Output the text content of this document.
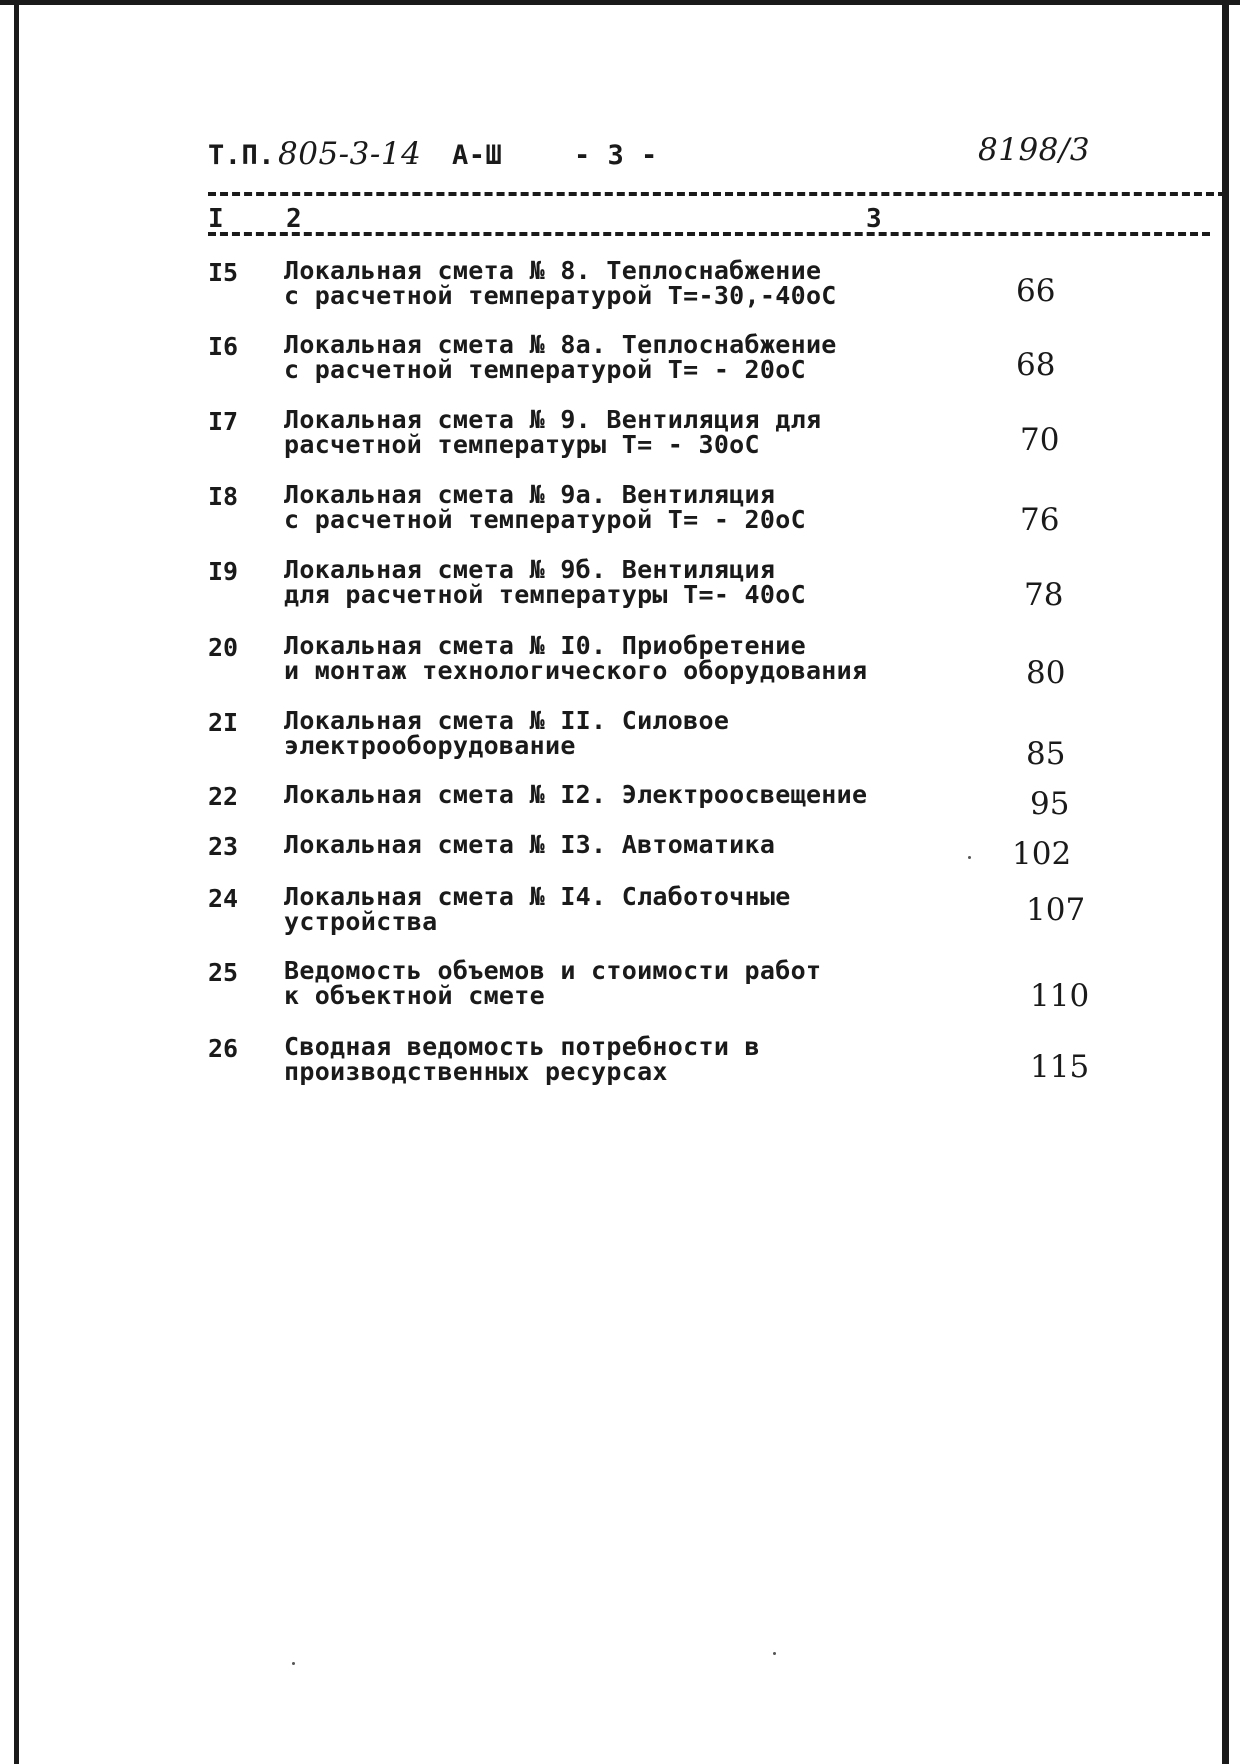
Т.П. 805-3-14 А-Ш	- 3 -	8198/3
I 2	3
I5 Локальная смета № 8. Теплоснабжение
с расчетной температурой Т=-30,-40оС	66
I6 Локальная смета № 8а. Теплоснабжение
с расчетной температурой Т= - 20оС	68
I7 Локальная смета № 9. Вентиляция для
расчетной температуры Т= - 30оС	70
I8 Локальная смета № 9а. Вентиляция
с расчетной температурой Т= - 20оС	76
I9 Локальная смета № 9б. Вентиляция
для расчетной температуры Т=- 40оС	78
20 Локальная смета № I0. Приобретение
и монтаж технологического оборудования	80
2I Локальная смета № II. Силовое
электрооборудование	85
22 Локальная смета № I2. Электроосвещение	95
23 Локальная смета № I3. Автоматика	102
24 Локальная смета № I4. Слаботочные
устройства	107
25 Ведомость объемов и стоимости работ
к объектной смете	110
26 Сводная ведомость потребности в
производственных ресурсах	115
